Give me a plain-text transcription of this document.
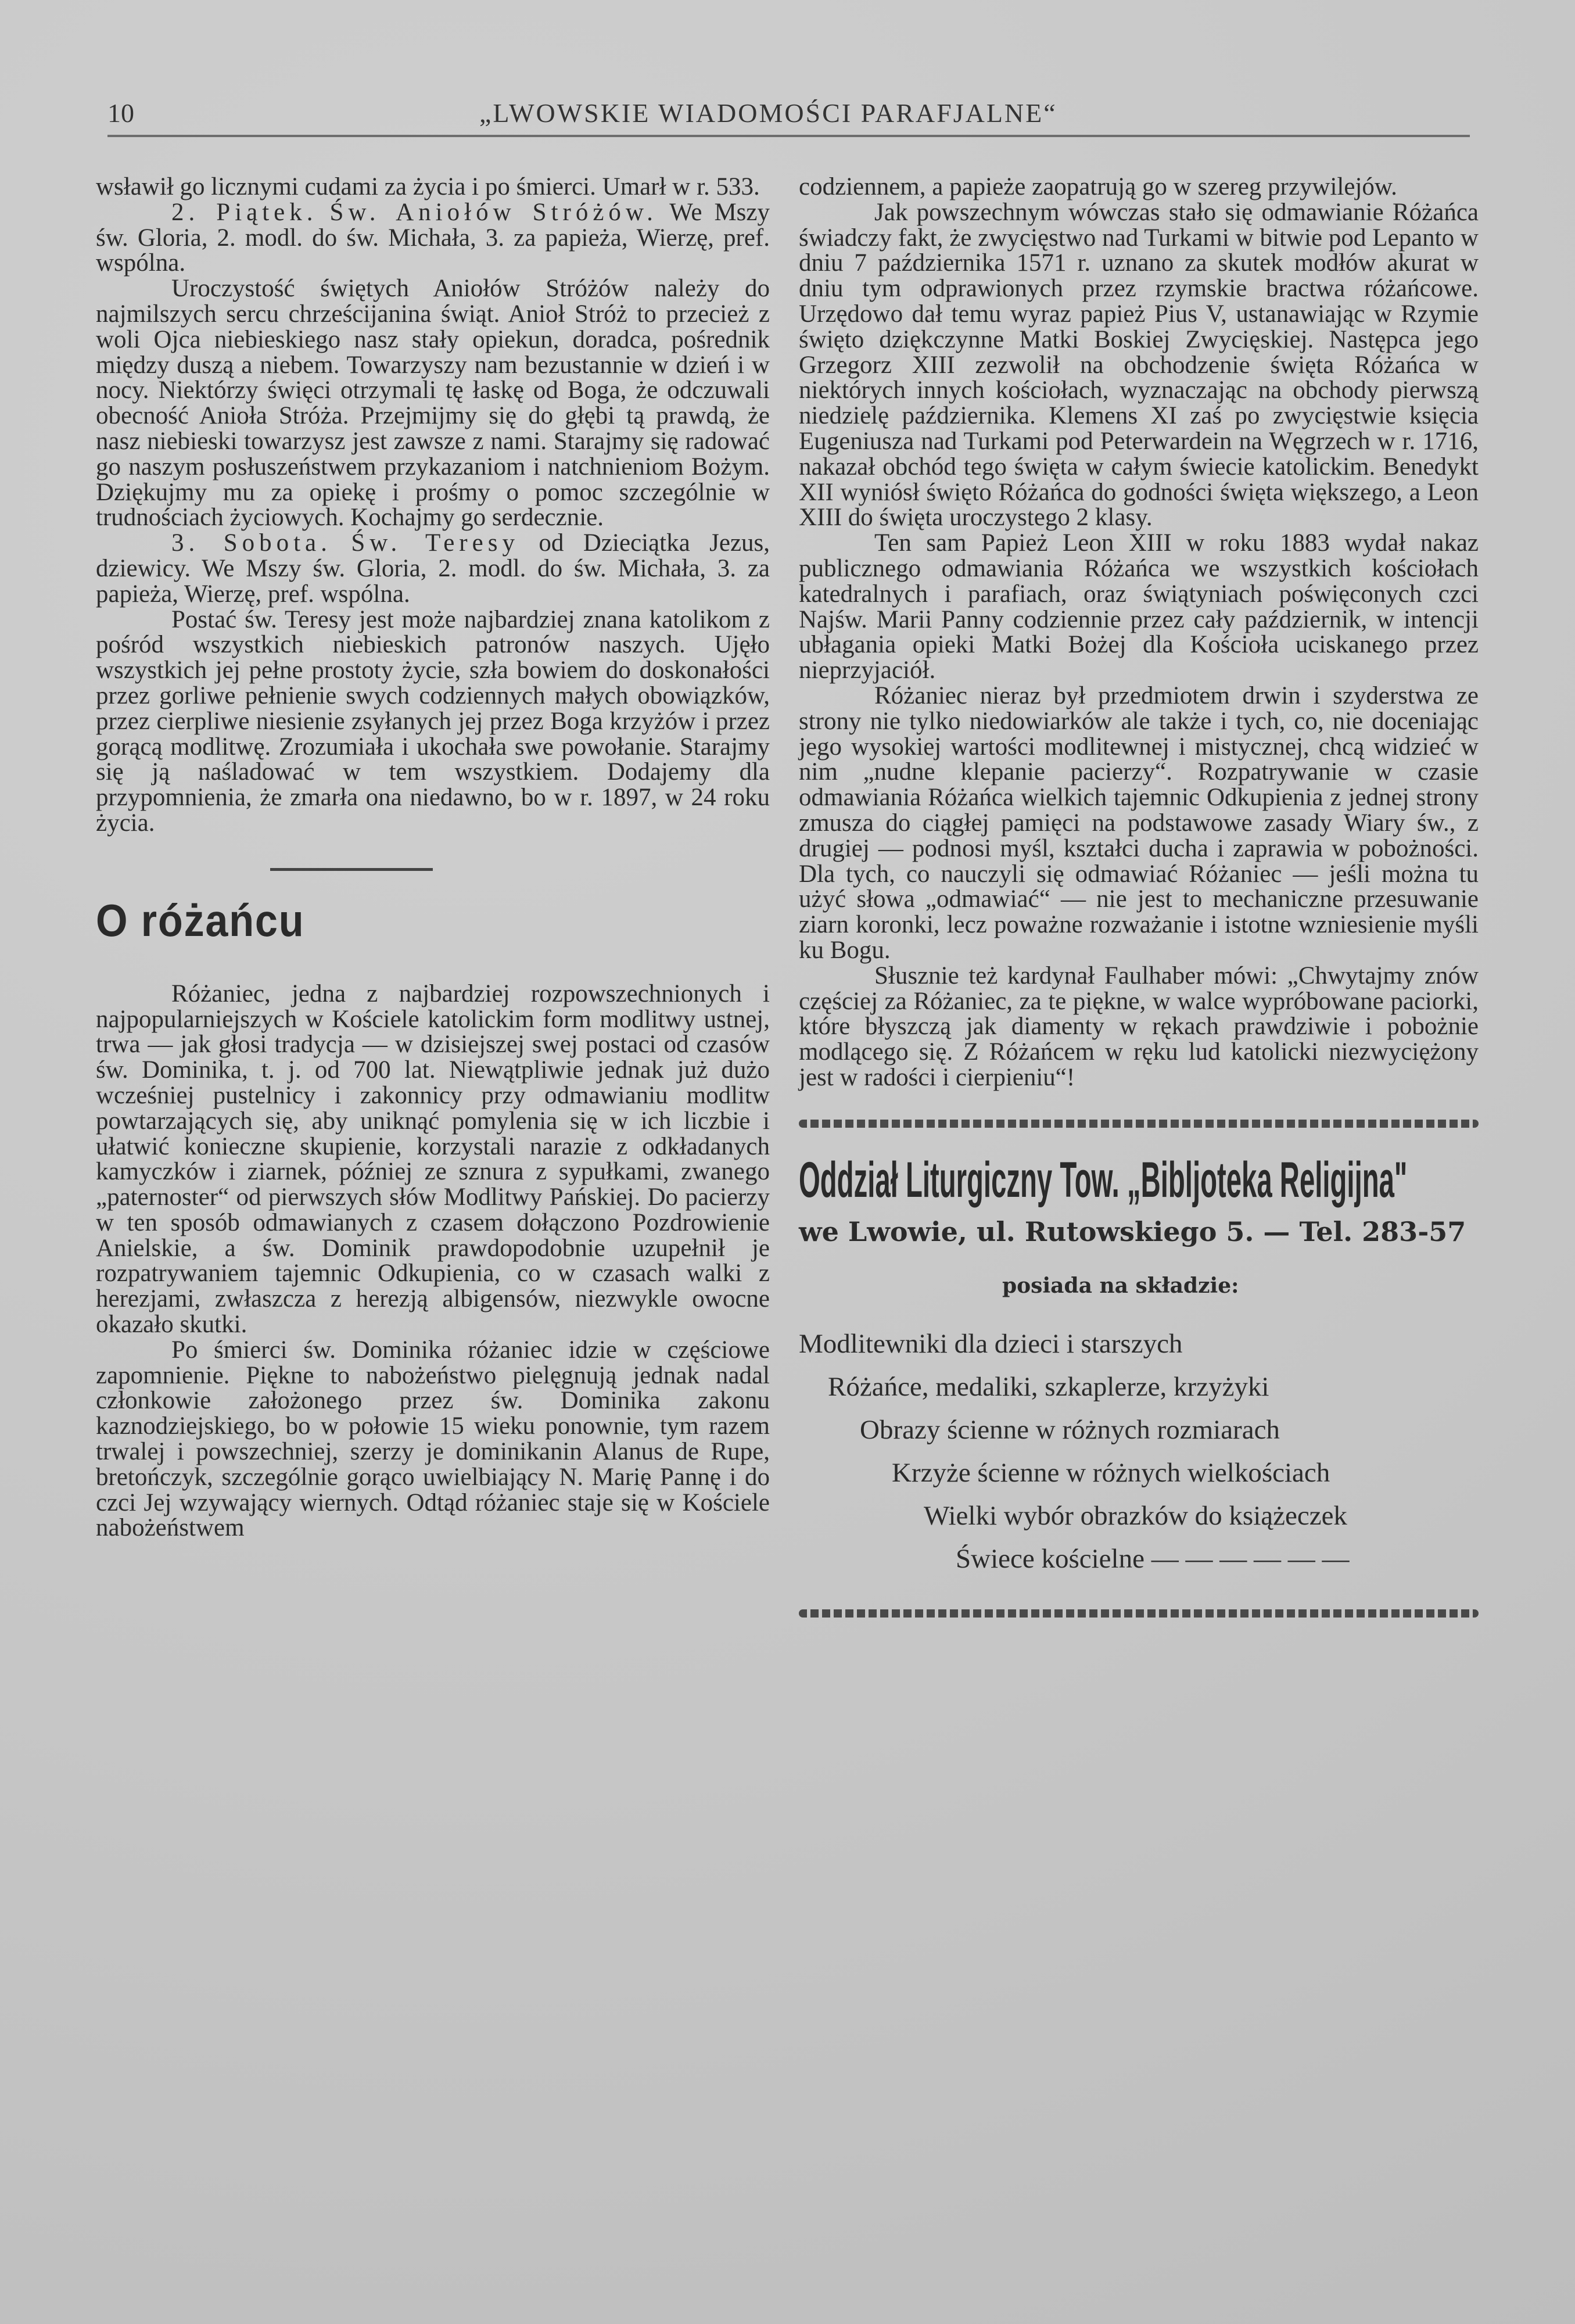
10	„LWOWSKIE WIADOMOŚCI PARAFJALNE“

wsławił go licznymi cudami za życia i po śmierci. Umarł w r. 533.

2. Piątek. Św. Aniołów Stróżów. We Mszy św. Gloria, 2. modl. do św. Michała, 3. za papieża, Wierzę, pref. wspólna.

Uroczystość świętych Aniołów Stróżów należy do najmilszych sercu chrześcijanina świąt. Anioł Stróż to przecież z woli Ojca niebieskiego nasz stały opiekun, doradca, pośrednik między duszą a niebem. Towarzyszy nam bezustannie w dzień i w nocy. Niektórzy święci otrzymali tę łaskę od Boga, że odczuwali obecność Anioła Stróża. Przejmijmy się do głębi tą prawdą, że nasz niebieski towarzysz jest zawsze z nami. Starajmy się radować go naszym posłuszeństwem przykazaniom i natchnieniom Bożym. Dziękujmy mu za opiekę i prośmy o pomoc szczególnie w trudnościach życiowych. Kochajmy go serdecznie.

3. Sobota. Św. Teresy od Dzieciątka Jezus, dziewicy. We Mszy św. Gloria, 2. modl. do św. Michała, 3. za papieża, Wierzę, pref. wspólna.

Postać św. Teresy jest może najbardziej znana katolikom z pośród wszystkich niebieskich patronów naszych. Ujęło wszystkich jej pełne prostoty życie, szła bowiem do doskonałości przez gorliwe pełnienie swych codziennych małych obowiązków, przez cierpliwe niesienie zsyłanych jej przez Boga krzyżów i przez gorącą modlitwę. Zrozumiała i ukochała swe powołanie. Starajmy się ją naśladować w tem wszystkiem. Dodajemy dla przypomnienia, że zmarła ona niedawno, bo w r. 1897, w 24 roku życia.

O różańcu

Różaniec, jedna z najbardziej rozpowszechnionych i najpopularniejszych w Kościele katolickim form modlitwy ustnej, trwa — jak głosi tradycja — w dzisiejszej swej postaci od czasów św. Dominika, t. j. od 700 lat. Niewątpliwie jednak już dużo wcześniej pustelnicy i zakonnicy przy odmawianiu modlitw powtarzających się, aby uniknąć pomylenia się w ich liczbie i ułatwić konieczne skupienie, korzystali narazie z odkładanych kamyczków i ziarnek, później ze sznura z sypułkami, zwanego „paternoster“ od pierwszych słów Modlitwy Pańskiej. Do pacierzy w ten sposób odmawianych z czasem dołączono Pozdrowienie Anielskie, a św. Dominik prawdopodobnie uzupełnił je rozpatrywaniem tajemnic Odkupienia, co w czasach walki z herezjami, zwłaszcza z herezją albigensów, niezwykle owocne okazało skutki.

Po śmierci św. Dominika różaniec idzie w częściowe zapomnienie. Piękne to nabożeństwo pielęgnują jednak nadal członkowie założonego przez św. Dominika zakonu kaznodziejskiego, bo w połowie 15 wieku ponownie, tym razem trwalej i powszechniej, szerzy je dominikanin Alanus de Rupe, bretończyk, szczególnie gorąco uwielbiający N. Marię Pannę i do czci Jej wzywający wiernych. Odtąd różaniec staje się w Kościele nabożeństwem

codziennem, a papieże zaopatrują go w szereg przywilejów.

Jak powszechnym wówczas stało się odmawianie Różańca świadczy fakt, że zwycięstwo nad Turkami w bitwie pod Lepanto w dniu 7 października 1571 r. uznano za skutek modłów akurat w dniu tym odprawionych przez rzymskie bractwa różańcowe. Urzędowo dał temu wyraz papież Pius V, ustanawiając w Rzymie święto dziękczynne Matki Boskiej Zwycięskiej. Następca jego Grzegorz XIII zezwolił na obchodzenie święta Różańca w niektórych innych kościołach, wyznaczając na obchody pierwszą niedzielę października. Klemens XI zaś po zwycięstwie księcia Eugeniusza nad Turkami pod Peterwardein na Węgrzech w r. 1716, nakazał obchód tego święta w całym świecie katolickim. Benedykt XII wyniósł święto Różańca do godności święta większego, a Leon XIII do święta uroczystego 2 klasy.

Ten sam Papież Leon XIII w roku 1883 wydał nakaz publicznego odmawiania Różańca we wszystkich kościołach katedralnych i parafiach, oraz świątyniach poświęconych czci Najśw. Marii Panny codziennie przez cały październik, w intencji ubłagania opieki Matki Bożej dla Kościoła uciskanego przez nieprzyjaciół.

Różaniec nieraz był przedmiotem drwin i szyderstwa ze strony nie tylko niedowiarków ale także i tych, co, nie doceniając jego wysokiej wartości modlitewnej i mistycznej, chcą widzieć w nim „nudne klepanie pacierzy“. Rozpatrywanie w czasie odmawiania Różańca wielkich tajemnic Odkupienia z jednej strony zmusza do ciągłej pamięci na podstawowe zasady Wiary św., z drugiej — podnosi myśl, kształci ducha i zaprawia w pobożności. Dla tych, co nauczyli się odmawiać Różaniec — jeśli można tu użyć słowa „odmawiać“ — nie jest to mechaniczne przesuwanie ziarn koronki, lecz poważne rozważanie i istotne wzniesienie myśli ku Bogu.

Słusznie też kardynał Faulhaber mówi: „Chwytajmy znów częściej za Różaniec, za te piękne, w walce wypróbowane paciorki, które błyszczą jak diamenty w rękach prawdziwie i pobożnie modlącego się. Z Różańcem w ręku lud katolicki niezwyciężony jest w radości i cierpieniu“!

Oddział Liturgiczny Tow. „Bibljoteka Religijna"
we Lwowie, ul. Rutowskiego 5. — Tel. 283-57
posiada na składzie:
Modlitewniki dla dzieci i starszych
Różańce, medaliki, szkaplerze, krzyżyki
Obrazy ścienne w różnych rozmiarach
Krzyże ścienne w różnych wielkościach
Wielki wybór obrazków do książeczek
Świece kościelne — — — — — —
